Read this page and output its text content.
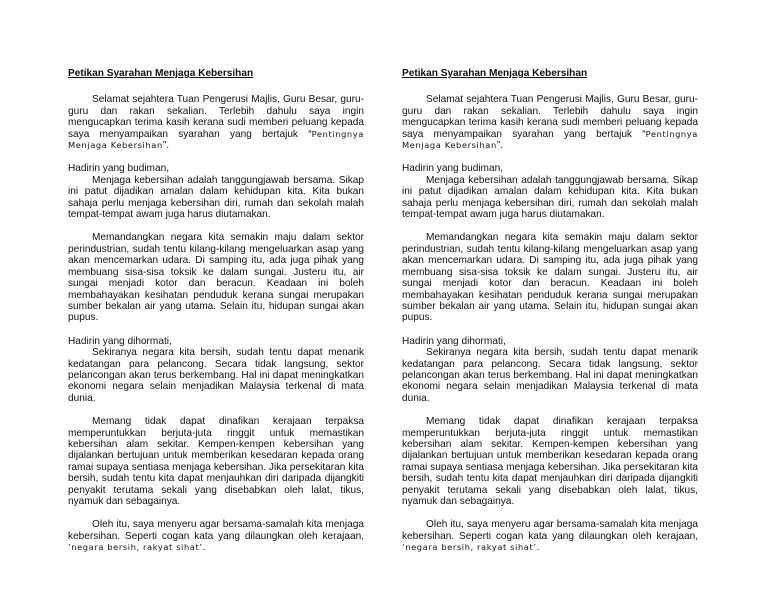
Petikan Syarahan Menjaga Kebersihan

Selamat sejahtera Tuan Pengerusi Majlis, Guru Besar, guru-guru dan rakan sekalian. Terlebih dahulu saya ingin mengucapkan terima kasih kerana sudi memberi peluang kepada saya menyampaikan syarahan yang bertajuk “Pentingnya Menjaga Kebersihan”.

Hadirin yang budiman,
Menjaga kebersihan adalah tanggungjawab bersama. Sikap ini patut dijadikan amalan dalam kehidupan kita. Kita bukan sahaja perlu menjaga kebersihan diri, rumah dan sekolah malah tempat-tempat awam juga harus diutamakan.

Memandangkan negara kita semakin maju dalam sektor perindustrian, sudah tentu kilang-kilang mengeluarkan asap yang akan mencemarkan udara. Di samping itu, ada juga pihak yang membuang sisa-sisa toksik ke dalam sungai. Justeru itu, air sungai menjadi kotor dan beracun. Keadaan ini boleh membahayakan kesihatan penduduk kerana sungai merupakan sumber bekalan air yang utama. Selain itu, hidupan sungai akan pupus.

Hadirin yang dihormati,
Sekiranya negara kita bersih, sudah tentu dapat menarik kedatangan para pelancong. Secara tidak langsung, sektor pelancongan akan terus berkembang. Hal ini dapat meningkatkan ekonomi negara selain menjadikan Malaysia terkenal di mata dunia.

Memang tidak dapat dinafikan kerajaan terpaksa memperuntukkan berjuta-juta ringgit untuk memastikan kebersihan alam sekitar. Kempen-kempen kebersihan yang dijalankan bertujuan untuk memberikan kesedaran kepada orang ramai supaya sentiasa menjaga kebersihan. Jika persekitaran kita bersih, sudah tentu kita dapat menjauhkan diri daripada dijangkiti penyakit terutama sekali yang disebabkan oleh lalat, tikus, nyamuk dan sebagainya.

Oleh itu, saya menyeru agar bersama-samalah kita menjaga kebersihan. Seperti cogan kata yang dilaungkan oleh kerajaan, ‘negara bersih, rakyat sihat’.

Petikan Syarahan Menjaga Kebersihan

Selamat sejahtera Tuan Pengerusi Majlis, Guru Besar, guru-guru dan rakan sekalian. Terlebih dahulu saya ingin mengucapkan terima kasih kerana sudi memberi peluang kepada saya menyampaikan syarahan yang bertajuk “Pentingnya Menjaga Kebersihan”.

Hadirin yang budiman,
Menjaga kebersihan adalah tanggungjawab bersama. Sikap ini patut dijadikan amalan dalam kehidupan kita. Kita bukan sahaja perlu menjaga kebersihan diri, rumah dan sekolah malah tempat-tempat awam juga harus diutamakan.

Memandangkan negara kita semakin maju dalam sektor perindustrian, sudah tentu kilang-kilang mengeluarkan asap yang akan mencemarkan udara. Di samping itu, ada juga pihak yang membuang sisa-sisa toksik ke dalam sungai. Justeru itu, air sungai menjadi kotor dan beracun. Keadaan ini boleh membahayakan kesihatan penduduk kerana sungai merupakan sumber bekalan air yang utama. Selain itu, hidupan sungai akan pupus.

Hadirin yang dihormati,
Sekiranya negara kita bersih, sudah tentu dapat menarik kedatangan para pelancong. Secara tidak langsung, sektor pelancongan akan terus berkembang. Hal ini dapat meningkatkan ekonomi negara selain menjadikan Malaysia terkenal di mata dunia.

Memang tidak dapat dinafikan kerajaan terpaksa memperuntukkan berjuta-juta ringgit untuk memastikan kebersihan alam sekitar. Kempen-kempen kebersihan yang dijalankan bertujuan untuk memberikan kesedaran kepada orang ramai supaya sentiasa menjaga kebersihan. Jika persekitaran kita bersih, sudah tentu kita dapat menjauhkan diri daripada dijangkiti penyakit terutama sekali yang disebabkan oleh lalat, tikus, nyamuk dan sebagainya.

Oleh itu, saya menyeru agar bersama-samalah kita menjaga kebersihan. Seperti cogan kata yang dilaungkan oleh kerajaan, ‘negara bersih, rakyat sihat’.
